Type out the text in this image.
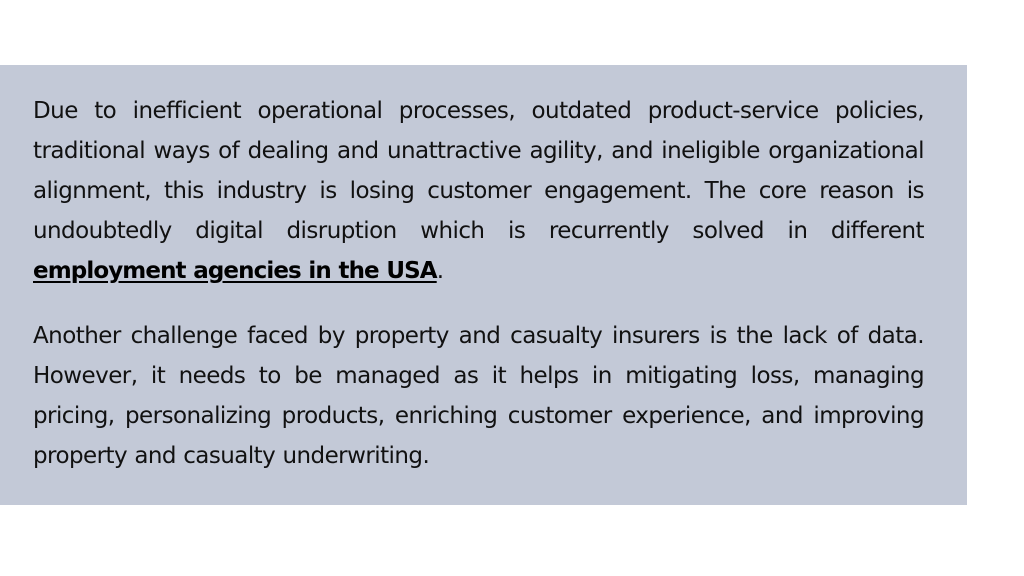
Due to inefficient operational processes, outdated product-service policies, traditional ways of dealing and unattractive agility, and ineligible organizational alignment, this industry is losing customer engagement. The core reason is undoubtedly digital disruption which is recurrently solved in different employment agencies in the USA.

Another challenge faced by property and casualty insurers is the lack of data. However, it needs to be managed as it helps in mitigating loss, managing pricing, personalizing products, enriching customer experience, and improving property and casualty underwriting.
